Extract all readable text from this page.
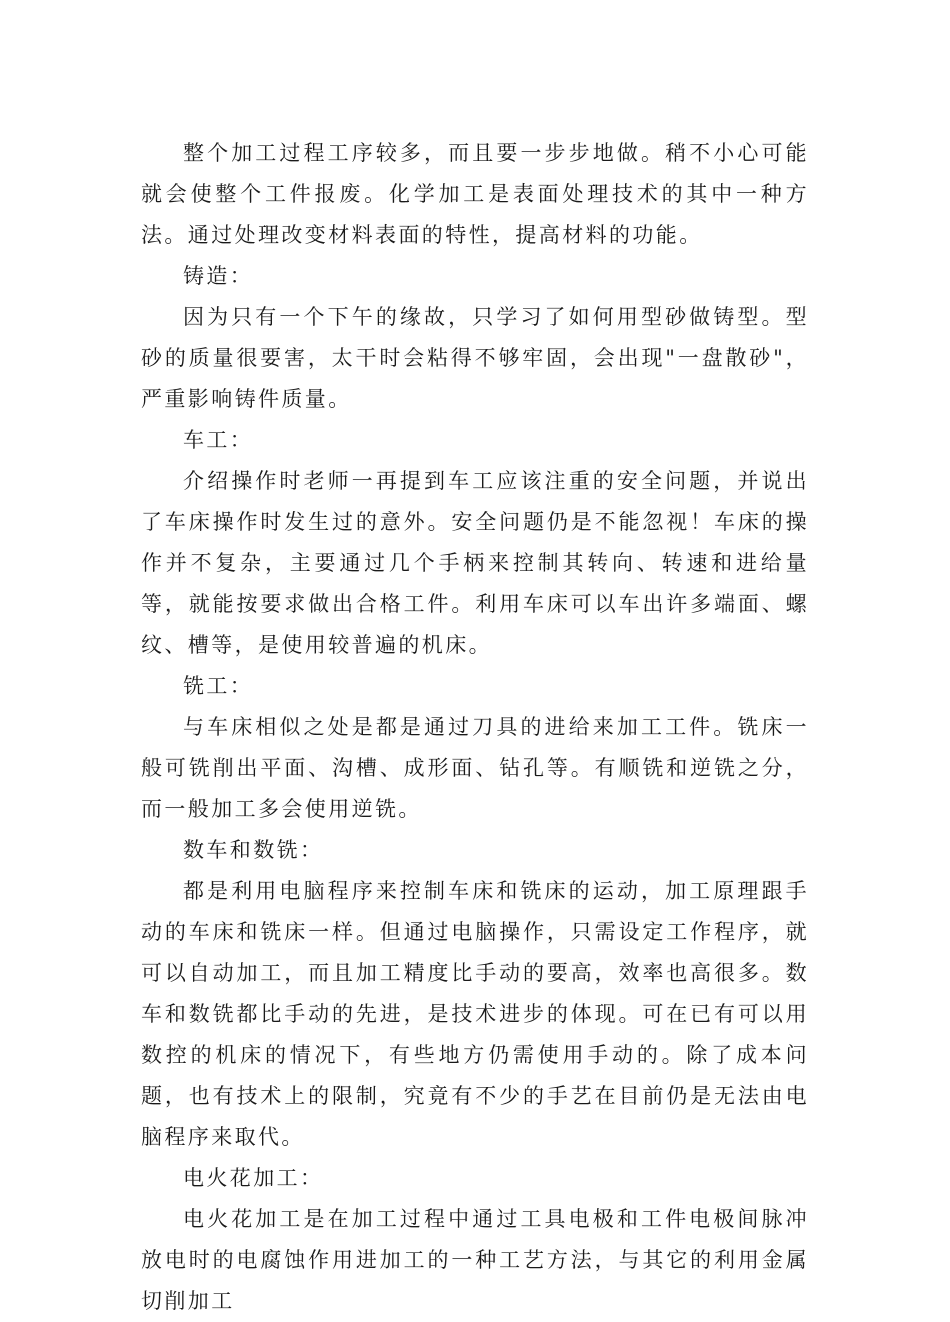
整个加工过程工序较多，而且要一步步地做。稍不小心可能就会使整个工件报废。化学加工是表面处理技术的其中一种方法。通过处理改变材料表面的特性，提高材料的功能。

铸造：

因为只有一个下午的缘故，只学习了如何用型砂做铸型。型砂的质量很要害，太干时会粘得不够牢固，会出现"一盘散砂"，严重影响铸件质量。

车工：

介绍操作时老师一再提到车工应该注重的安全问题，并说出了车床操作时发生过的意外。安全问题仍是不能忽视！车床的操作并不复杂，主要通过几个手柄来控制其转向、转速和进给量等，就能按要求做出合格工件。利用车床可以车出许多端面、螺纹、槽等，是使用较普遍的机床。

铣工：

与车床相似之处是都是通过刀具的进给来加工工件。铣床一般可铣削出平面、沟槽、成形面、钻孔等。有顺铣和逆铣之分，而一般加工多会使用逆铣。

数车和数铣：

都是利用电脑程序来控制车床和铣床的运动，加工原理跟手动的车床和铣床一样。但通过电脑操作，只需设定工作程序，就可以自动加工，而且加工精度比手动的要高，效率也高很多。数车和数铣都比手动的先进，是技术进步的体现。可在已有可以用数控的机床的情况下，有些地方仍需使用手动的。除了成本问题，也有技术上的限制，究竟有不少的手艺在目前仍是无法由电脑程序来取代。

电火花加工：

电火花加工是在加工过程中通过工具电极和工件电极间脉冲放电时的电腐蚀作用进加工的一种工艺方法，与其它的利用金属切削加工
